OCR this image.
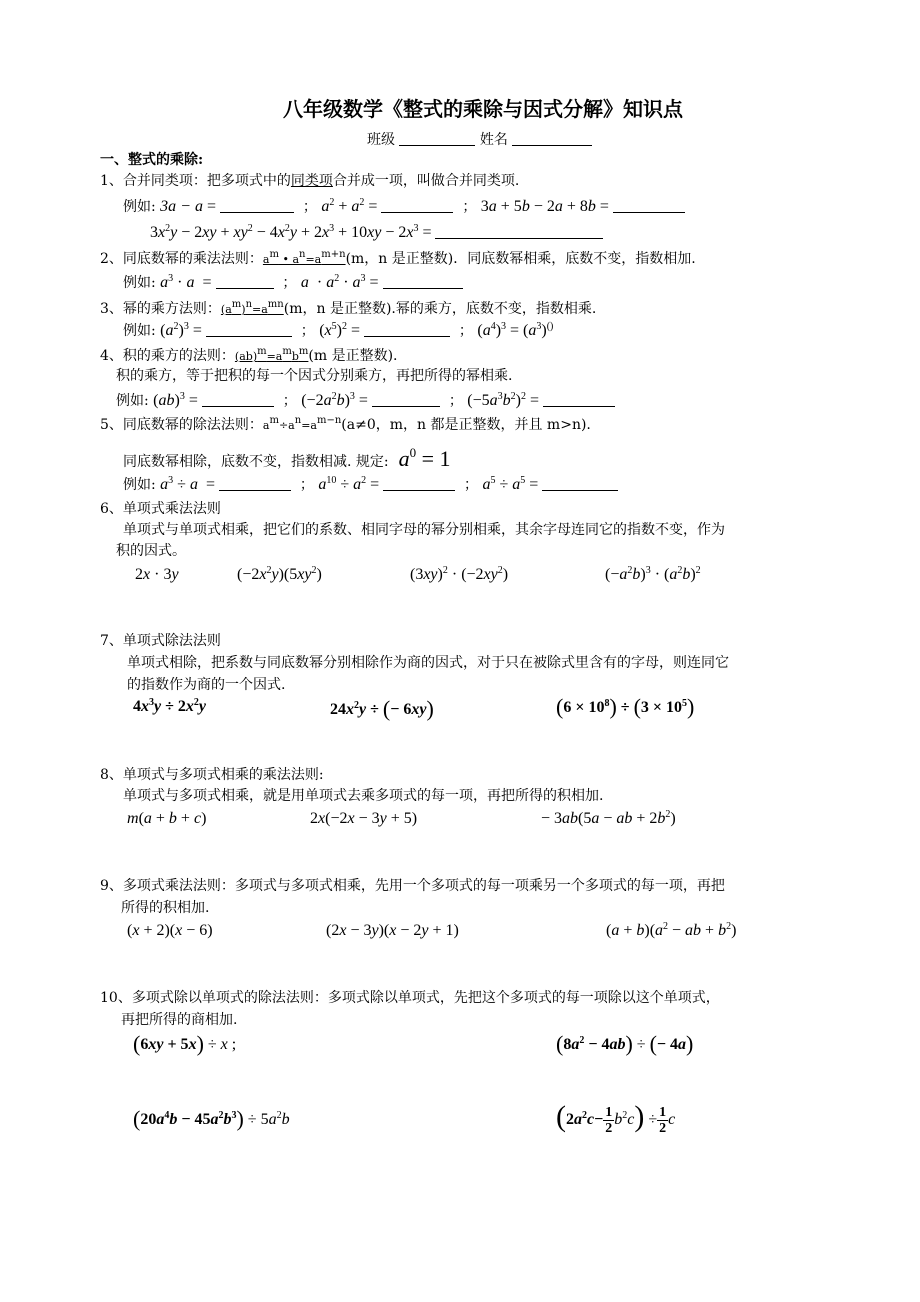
八年级数学《整式的乘除与因式分解》知识点
班级	姓名
一、整式的乘除:
1、合并同类项：把多项式中的同类项合并成一项，叫做合并同类项.
例如: 3a − a =	； $a^2 + a^2$ =	； 3a + 5b − 2a + 8b =
$3x^2y - 2xy + xy^2 - 4x^2y + 2x^3 + 10xy - 2x^3$ =
2、同底数幂的乘法法则：$a^m$ • $a^n=a^{m+n}(m$，n 是正整数)．同底数幂相乘，底数不变，指数相加.
例如: $a^3 \cdot a$  =	； $a \cdot a^2 \cdot a^3$ =
3、幂的乘方法则：$(a^m)^n=a^{mn}(m$，n 是正整数).幂的乘方，底数不变，指数相乘.
例如: $(a^2)^3$ =	； $(x^5)^2$ =	； $(a^4)^3 = (a^3)^{()}$
4、积的乘方的法则：$(ab)^m=a^mb^m(m$ 是正整数).
积的乘方，等于把积的每一个因式分别乘方，再把所得的幂相乘.
例如: (ab)$^3$ =	； $(-2a^2b)^3$ =	； $(-5a^3b^2)^2$ =
5、同底数幂的除法法则：$a^m\div a^n=a^{m-n}(a\ne 0$，m，n 都是正整数，并且 m>n).
同底数幂相除，底数不变，指数相减. 规定: $a^0 = 1$
例如: $a^3 \div a$  =	； $a^{10} \div a^2$ =	； $a^5 \div a^5$ =
6、单项式乘法法则
单项式与单项式相乘，把它们的系数、相同字母的幂分别相乘，其余字母连同它的指数不变，作为
积的因式。
2x · 3y	$(-2x^2y)(5xy^2)$	$(3xy)^2 \cdot (-2xy^2)$	$(-a^2b)^3 \cdot (a^2b)^2$
7、单项式除法法则
单项式相除，把系数与同底数幂分别相除作为商的因式，对于只在被除式里含有的字母，则连同它
的指数作为商的一个因式.
$4x^3y \div 2x^2y$	$24x^2y$ ÷ (− 6xy)	$(6 \times 10^8) \div (3 \times 10^5)$
8、单项式与多项式相乘的乘法法则:
单项式与多项式相乘，就是用单项式去乘多项式的每一项，再把所得的积相加.
m(a + b + c)	2x(−2x − 3y + 5)	− 3ab(5a − ab + $2b^2$)
9、多项式乘法法则：多项式与多项式相乘，先用一个多项式的每一项乘另一个多项式的每一项，再把
所得的积相加.
(x + 2)(x − 6)	(2x − 3y)(x − 2y + 1)	$(a + b)(a^2$ − ab + $b^2$)
10、多项式除以单项式的除法法则：多项式除以单项式，先把这个多项式的每一项除以这个单项式，
再把所得的商相加.
(6xy + 5x) ÷ x ;	$(8a^2 - 4ab)$ ÷ (− 4a)
$(20a^4b - 45a^2b^3) \div 5a^2b$	$(2a^2c- \frac{1}{2} b^2c) \div \frac{1}{2}$ c
